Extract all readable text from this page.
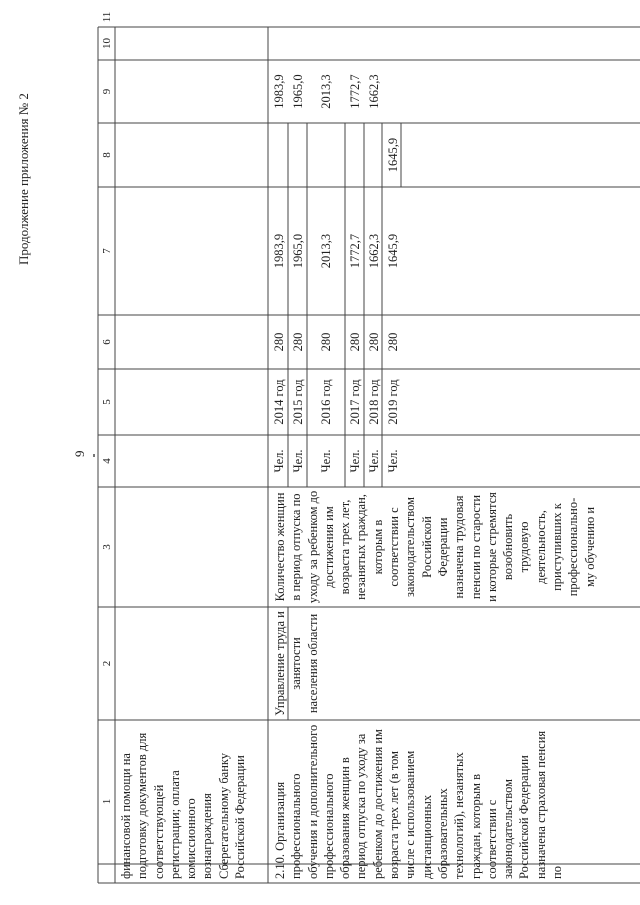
Продолжение приложения № 2
9
1
2
3
4
5
6
7
8
9
10
11
финансовой помощи на подготовку документов для соответствующей регистрации; оплата комиссионного вознаграждения Сберегательному банку Российской Федерации 2.10. Организация профессионального обучения и дополнительного профессионального образования женщин в период отпуска по уходу за ребенком до достижения им возраста трех лет (в том числе с использованием дистанционных образовательных технологий), незанятых граждан, которым в соответствии с законодательством Российской Федерации назначена страховая пенсия по
Управление труда и занятости населения области
Количество женщин в период отпуска по уходу за ребенком до достижения им возраста трех лет, незанятых граждан, которым в соответствии с законодательством Российской Федерации назначена трудовая пенсии по старости и которые стремятся возобновить трудовую деятельность, приступивших к профессионально- му обучению и
Чел.
2014 год
280
1983,9
1983,9
Чел.
2015 год
280
1965,0
1965,0
Чел.
2016 год
280
2013,3
2013,3
Чел.
2017 год
280
1772,7
1772,7
Чел.
2018 год
280
1662,3
1662,3
Чел.
2019 год
280
1645,9
1645,9
